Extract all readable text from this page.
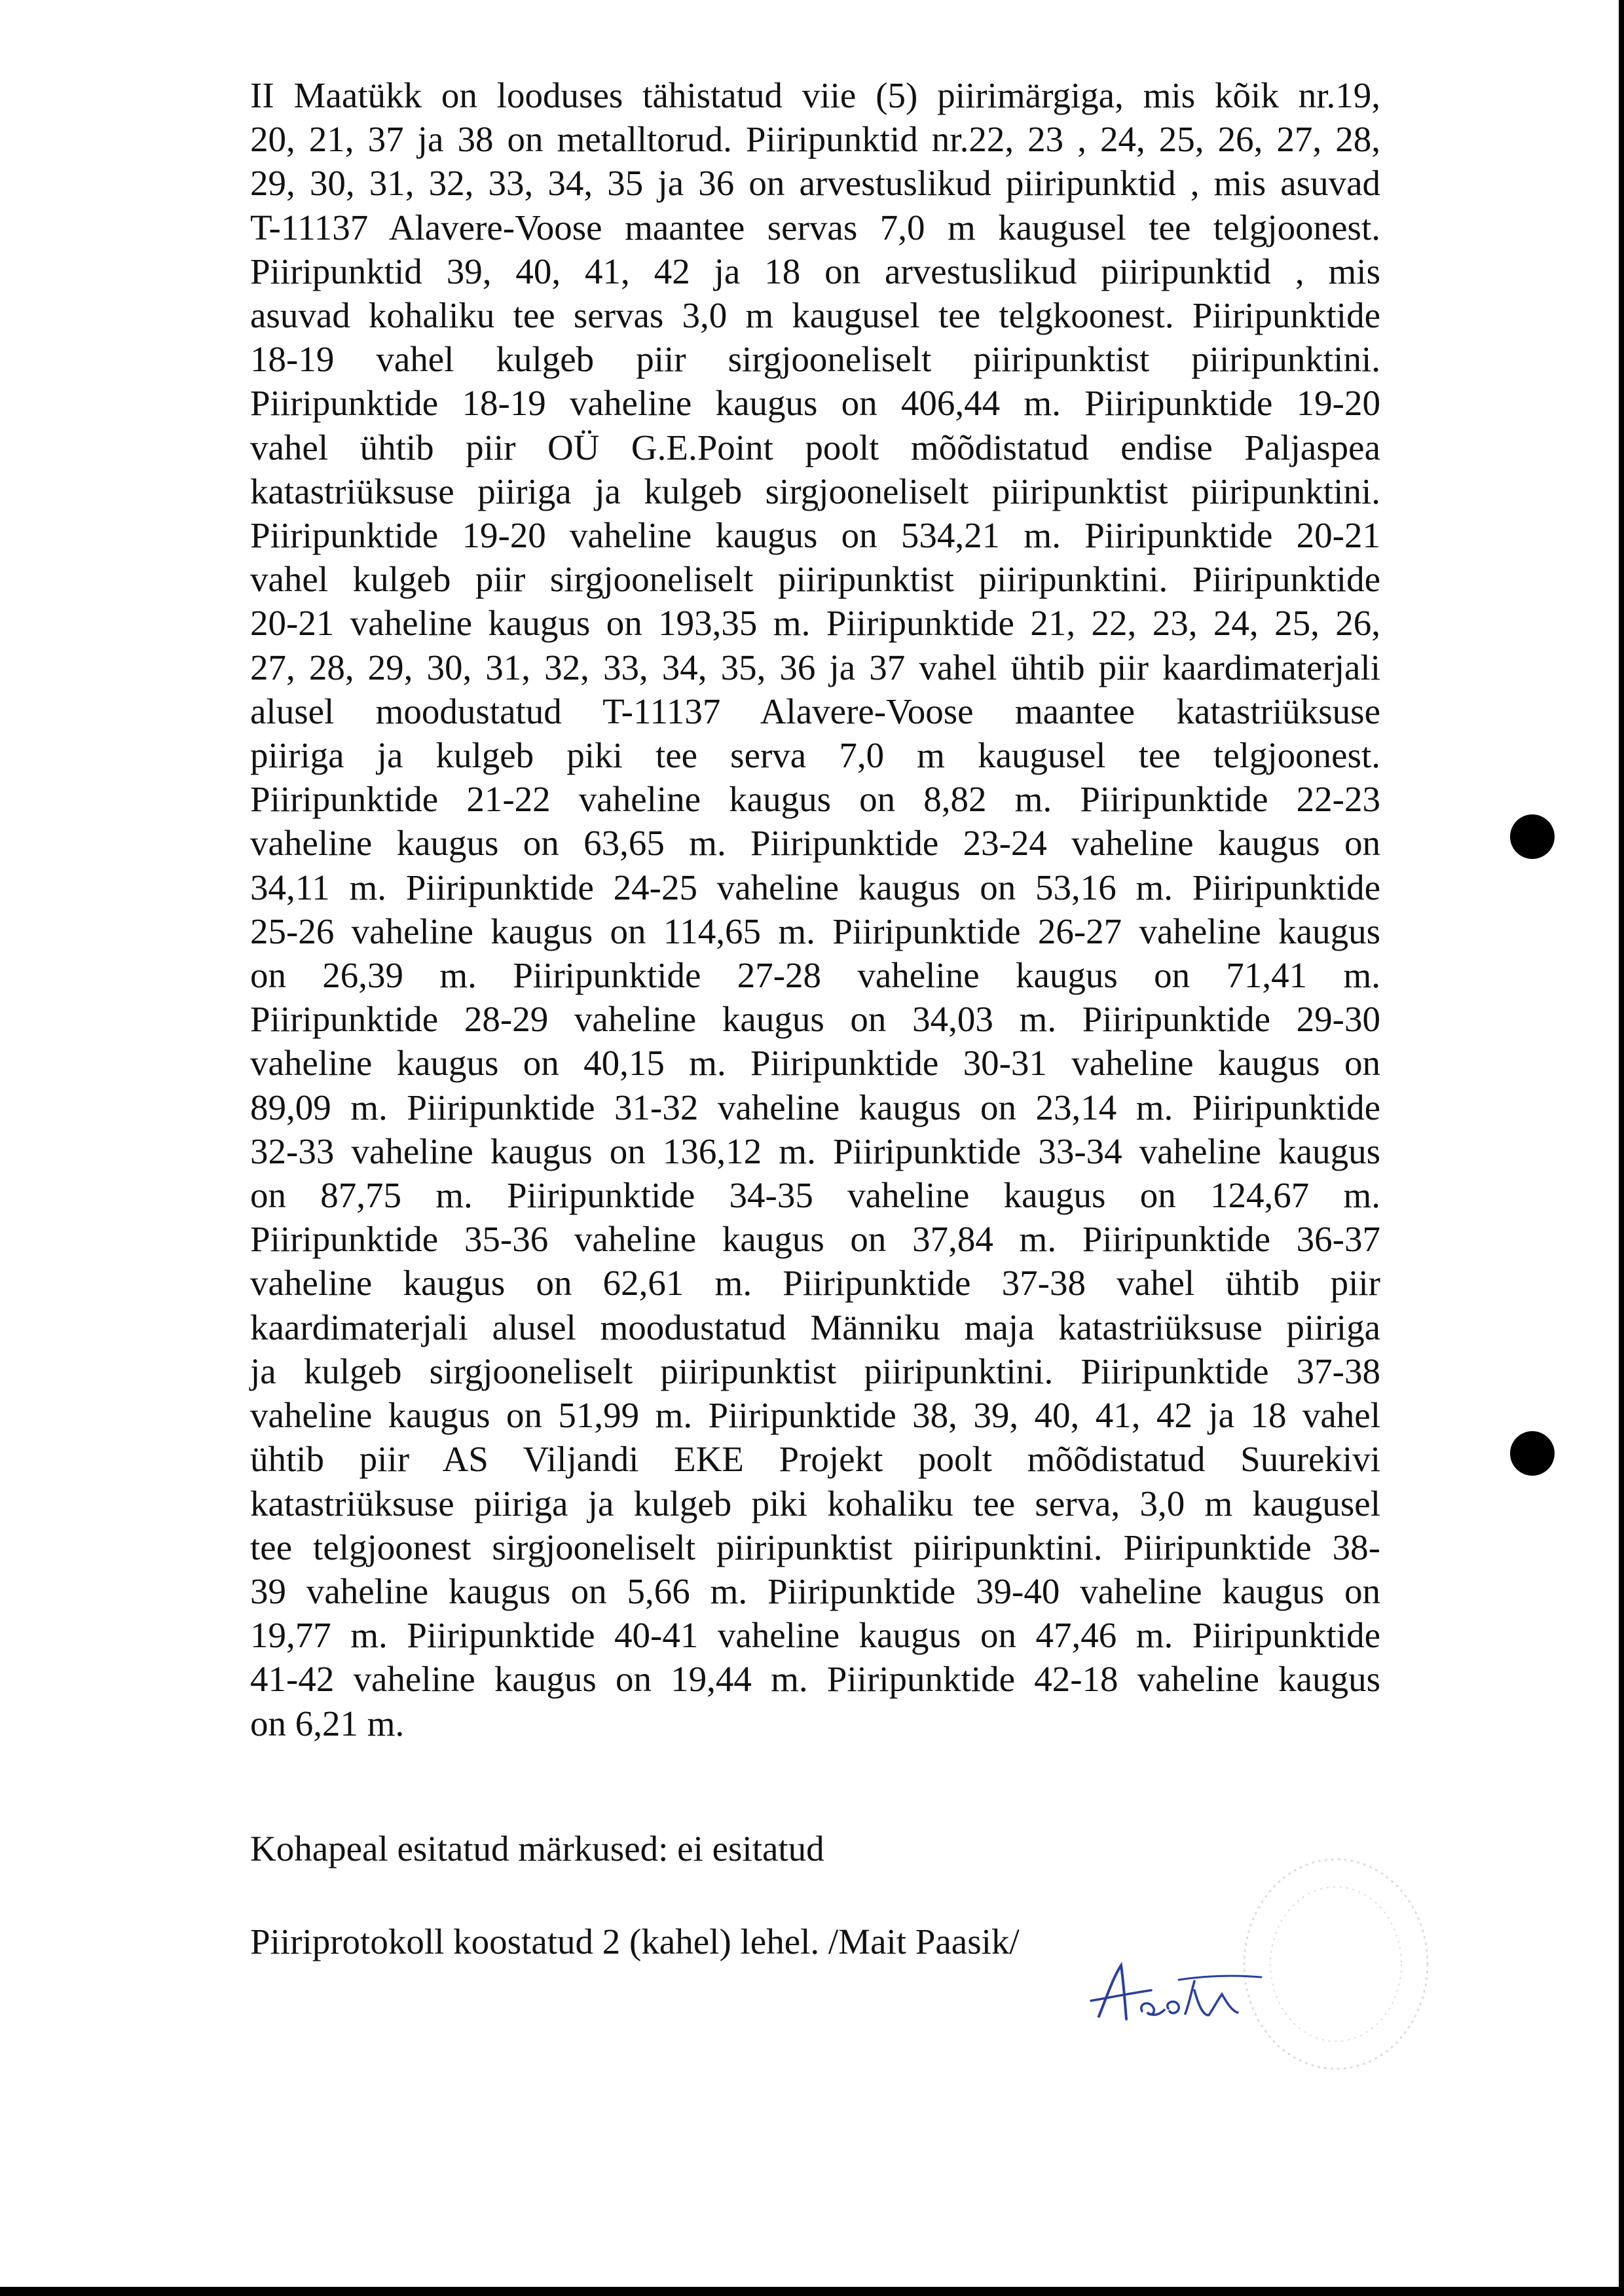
II Maatükk on looduses tähistatud viie (5) piirimärgiga, mis kõik nr.19,
20, 21, 37 ja 38 on metalltorud. Piiripunktid nr.22, 23 , 24, 25, 26, 27, 28,
29, 30, 31, 32, 33, 34, 35 ja 36 on arvestuslikud piiripunktid , mis asuvad
T-11137 Alavere-Voose maantee servas 7,0 m kaugusel tee telgjoonest.
Piiripunktid 39, 40, 41, 42 ja 18 on arvestuslikud piiripunktid , mis
asuvad kohaliku tee servas 3,0 m kaugusel tee telgkoonest. Piiripunktide
18-19 vahel kulgeb piir sirgjooneliselt piiripunktist piiripunktini.
Piiripunktide 18-19 vaheline kaugus on 406,44 m. Piiripunktide 19-20
vahel ühtib piir OÜ G.E.Point poolt mõõdistatud endise Paljaspea
katastriüksuse piiriga ja kulgeb sirgjooneliselt piiripunktist piiripunktini.
Piiripunktide 19-20 vaheline kaugus on 534,21 m. Piiripunktide 20-21
vahel kulgeb piir sirgjooneliselt piiripunktist piiripunktini. Piiripunktide
20-21 vaheline kaugus on 193,35 m. Piiripunktide 21, 22, 23, 24, 25, 26,
27, 28, 29, 30, 31, 32, 33, 34, 35, 36 ja 37 vahel ühtib piir kaardimaterjali
alusel moodustatud T-11137 Alavere-Voose maantee katastriüksuse
piiriga ja kulgeb piki tee serva 7,0 m kaugusel tee telgjoonest.
Piiripunktide 21-22 vaheline kaugus on 8,82 m. Piiripunktide 22-23
vaheline kaugus on 63,65 m. Piiripunktide 23-24 vaheline kaugus on
34,11 m. Piiripunktide 24-25 vaheline kaugus on 53,16 m. Piiripunktide
25-26 vaheline kaugus on 114,65 m. Piiripunktide 26-27 vaheline kaugus
on 26,39 m. Piiripunktide 27-28 vaheline kaugus on 71,41 m.
Piiripunktide 28-29 vaheline kaugus on 34,03 m. Piiripunktide 29-30
vaheline kaugus on 40,15 m. Piiripunktide 30-31 vaheline kaugus on
89,09 m. Piiripunktide 31-32 vaheline kaugus on 23,14 m. Piiripunktide
32-33 vaheline kaugus on 136,12 m. Piiripunktide 33-34 vaheline kaugus
on 87,75 m. Piiripunktide 34-35 vaheline kaugus on 124,67 m.
Piiripunktide 35-36 vaheline kaugus on 37,84 m. Piiripunktide 36-37
vaheline kaugus on 62,61 m. Piiripunktide 37-38 vahel ühtib piir
kaardimaterjali alusel moodustatud Männiku maja katastriüksuse piiriga
ja kulgeb sirgjooneliselt piiripunktist piiripunktini. Piiripunktide 37-38
vaheline kaugus on 51,99 m. Piiripunktide 38, 39, 40, 41, 42 ja 18 vahel
ühtib piir AS Viljandi EKE Projekt poolt mõõdistatud Suurekivi
katastriüksuse piiriga ja kulgeb piki kohaliku tee serva, 3,0 m kaugusel
tee telgjoonest sirgjooneliselt piiripunktist piiripunktini. Piiripunktide 38-
39 vaheline kaugus on 5,66 m. Piiripunktide 39-40 vaheline kaugus on
19,77 m. Piiripunktide 40-41 vaheline kaugus on 47,46 m. Piiripunktide
41-42 vaheline kaugus on 19,44 m. Piiripunktide 42-18 vaheline kaugus
on 6,21 m.

Kohapeal esitatud märkused: ei esitatud

Piiriprotokoll koostatud 2 (kahel) lehel. /Mait Paasik/
